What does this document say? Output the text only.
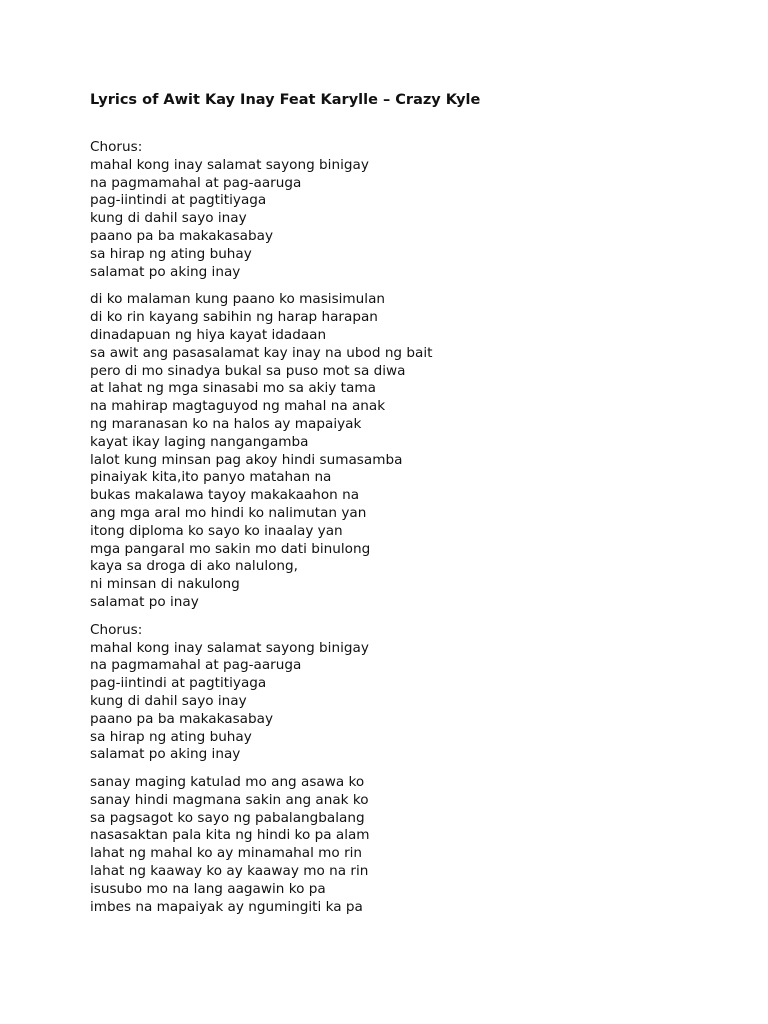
Lyrics of Awit Kay Inay Feat Karylle – Crazy Kyle
Chorus:
mahal kong inay salamat sayong binigay
na pagmamahal at pag-aaruga
pag-iintindi at pagtitiyaga
kung di dahil sayo inay
paano pa ba makakasabay
sa hirap ng ating buhay
salamat po aking inay
di ko malaman kung paano ko masisimulan
di ko rin kayang sabihin ng harap harapan
dinadapuan ng hiya kayat idadaan
sa awit ang pasasalamat kay inay na ubod ng bait
pero di mo sinadya bukal sa puso mot sa diwa
at lahat ng mga sinasabi mo sa akiy tama
na mahirap magtaguyod ng mahal na anak
ng maranasan ko na halos ay mapaiyak
kayat ikay laging nangangamba
lalot kung minsan pag akoy hindi sumasamba
pinaiyak kita,ito panyo matahan na
bukas makalawa tayoy makakaahon na
ang mga aral mo hindi ko nalimutan yan
itong diploma ko sayo ko inaalay yan
mga pangaral mo sakin mo dati binulong
kaya sa droga di ako nalulong,
ni minsan di nakulong
salamat po inay
Chorus:
mahal kong inay salamat sayong binigay
na pagmamahal at pag-aaruga
pag-iintindi at pagtitiyaga
kung di dahil sayo inay
paano pa ba makakasabay
sa hirap ng ating buhay
salamat po aking inay
sanay maging katulad mo ang asawa ko
sanay hindi magmana sakin ang anak ko
sa pagsagot ko sayo ng pabalangbalang
nasasaktan pala kita ng hindi ko pa alam
lahat ng mahal ko ay minamahal mo rin
lahat ng kaaway ko ay kaaway mo na rin
isusubo mo na lang aagawin ko pa
imbes na mapaiyak ay ngumingiti ka pa
